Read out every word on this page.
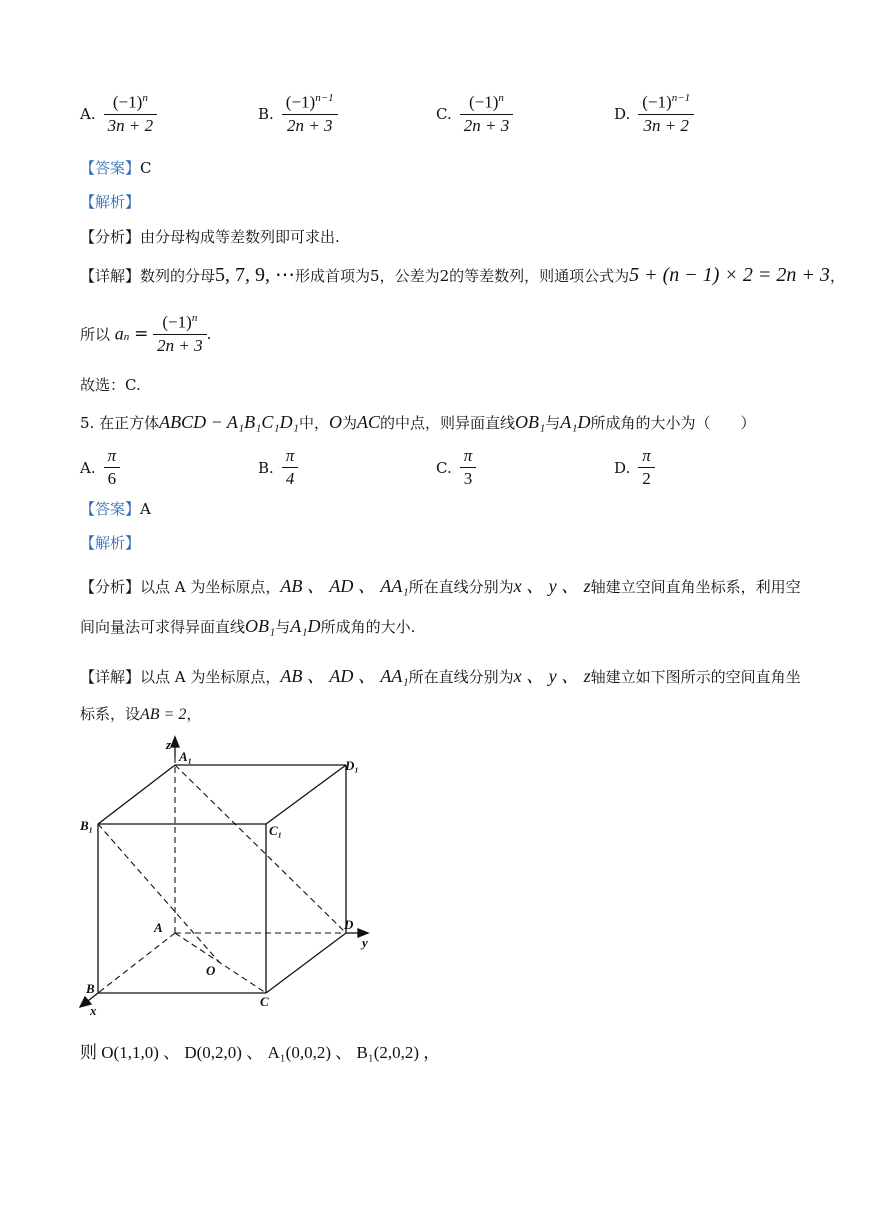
A. $\frac{(-1)^n}{3n + 2}$	B. $\frac{(-1)^{n-1}}{2n + 3}$	C. $\frac{(-1)^n}{2n + 3}$	D. $\frac{(-1)^{n-1}}{3n + 2}$
【答案】C
【解析】
【分析】由分母构成等差数列即可求出.
【详解】数列的分母5, 7, 9, ⋯形成首项为5，公差为2的等差数列，则通项公式为5 + (n − 1) × 2 = 2n + 3，
所以 $a_n = \frac{(-1)^n}{2n + 3}$ .
故选：C.
5. 在正方体ABCD − A₁B₁C₁D₁中，O为AC的中点，则异面直线OB₁与A₁D所成角的大小为（　　）
A. $\frac{\pi}{6}$	B. $\frac{\pi}{4}$	C. $\frac{\pi}{3}$	D. $\frac{\pi}{2}$
【答案】A
【解析】
【分析】以点 A 为坐标原点，AB 、 AD 、 AA₁所在直线分别为x 、 y 、 z轴建立空间直角坐标系，利用空
间向量法可求得异面直线OB₁与A₁D所成角的大小.
【详解】以点 A 为坐标原点，AB 、 AD 、 AA₁所在直线分别为x 、 y 、 z轴建立如下图所示的空间直角坐
标系，设AB = 2，
z
A₁
D₁
B₁	C₁
A	D
y
O
B
C
x
则 O(1,1,0) 、 D(0,2,0) 、 A₁(0,0,2) 、 B₁(2,0,2) ，
